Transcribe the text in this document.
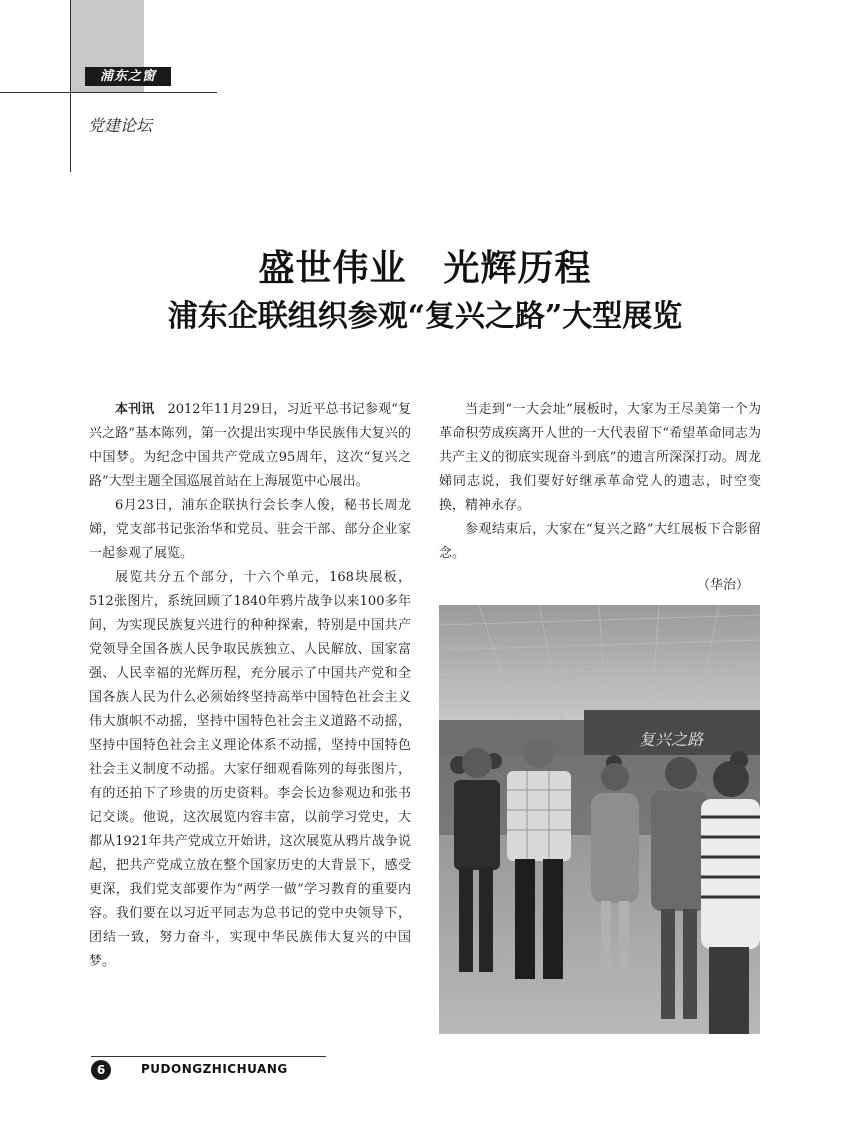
浦东之窗
党建论坛
盛世伟业　光辉历程
浦东企联组织参观“复兴之路”大型展览

本刊讯　 2012年11月29日，习近平总书记参观“复兴之路”基本陈列，第一次提出实现中华民族伟大复兴的中国梦。为纪念中国共产党成立95周年，这次“复兴之路”大型主题全国巡展首站在上海展览中心展出。

6月23日，浦东企联执行会长李人俊，秘书长周龙娣，党支部书记张治华和党员、驻会干部、部分企业家一起参观了展览。

展览共分五个部分，十六个单元，168块展板，512张图片，系统回顾了1840年鸦片战争以来100多年间，为实现民族复兴进行的种种探索，特别是中国共产党领导全国各族人民争取民族独立、人民解放、国家富强、人民幸福的光辉历程，充分展示了中国共产党和全国各族人民为什么必须始终坚持高举中国特色社会主义伟大旗帜不动摇，坚持中国特色社会主义道路不动摇，坚持中国特色社会主义理论体系不动摇，坚持中国特色社会主义制度不动摇。大家仔细观看陈列的每张图片，有的还拍下了珍贵的历史资料。李会长边参观边和张书记交谈。他说，这次展览内容丰富，以前学习党史，大都从1921年共产党成立开始讲，这次展览从鸦片战争说起，把共产党成立放在整个国家历史的大背景下，感受更深，我们党支部要作为“两学一做”学习教育的重要内容。我们要在以习近平同志为总书记的党中央领导下，团结一致，努力奋斗，实现中华民族伟大复兴的中国梦。

当走到“一大会址”展板时，大家为王尽美第一个为革命积劳成疾离开人世的一大代表留下“希望革命同志为共产主义的彻底实现奋斗到底”的遗言所深深打动。周龙娣同志说，我们要好好继承革命党人的遗志，时空变换，精神永存。

参观结束后，大家在“复兴之路”大红展板下合影留念。

（华治）
复兴之路
6	PUDONGZHICHUANG
